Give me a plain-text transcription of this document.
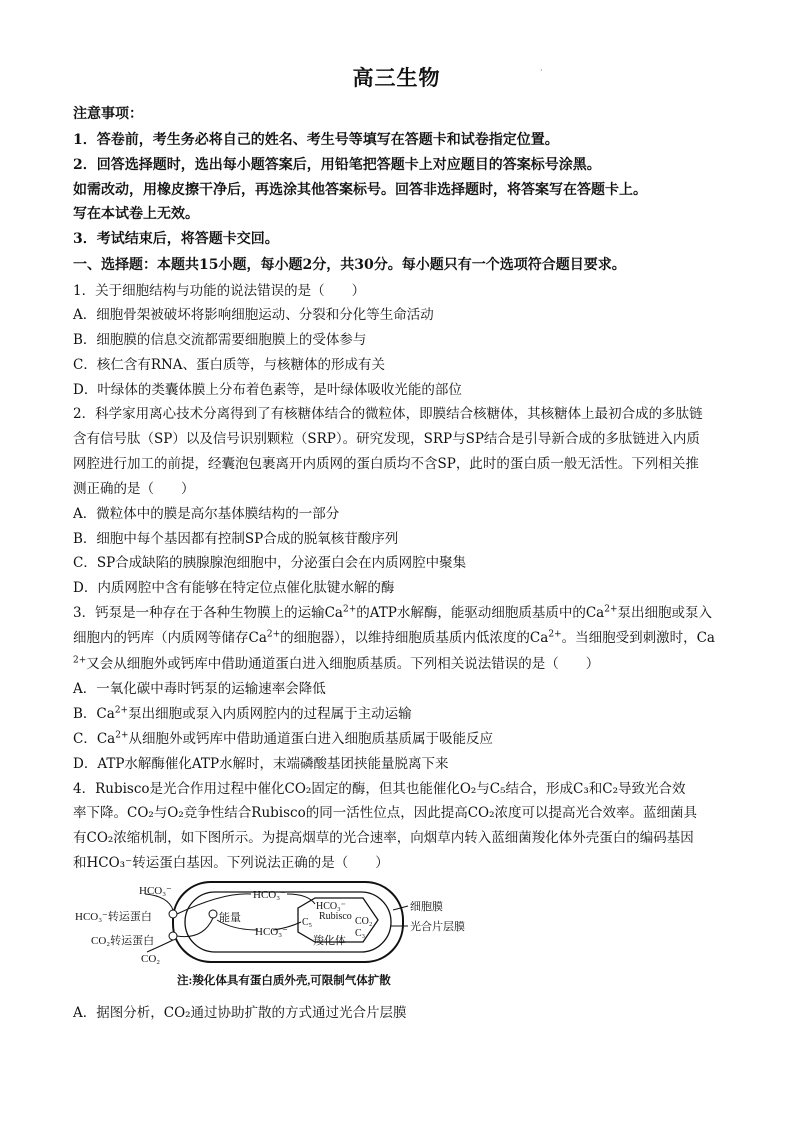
高三生物	·
注意事项：
1．答卷前，考生务必将自己的姓名、考生号等填写在答题卡和试卷指定位置。
2．回答选择题时，选出每小题答案后，用铅笔把答题卡上对应题目的答案标号涂黑。
如需改动，用橡皮擦干净后，再选涂其他答案标号。回答非选择题时，将答案写在答题卡上。
写在本试卷上无效。
3．考试结束后，将答题卡交回。
一、选择题：本题共15小题，每小题2分，共30分。每小题只有一个选项符合题目要求。
1．关于细胞结构与功能的说法错误的是（　　）
A．细胞骨架被破坏将影响细胞运动、分裂和分化等生命活动
B．细胞膜的信息交流都需要细胞膜上的受体参与
C．核仁含有RNA、蛋白质等，与核糖体的形成有关
D．叶绿体的类囊体膜上分布着色素等，是叶绿体吸收光能的部位
2．科学家用离心技术分离得到了有核糖体结合的微粒体，即膜结合核糖体，其核糖体上最初合成的多肽链
含有信号肽（SP）以及信号识别颗粒（SRP）。研究发现，SRP与SP结合是引导新合成的多肽链进入内质
网腔进行加工的前提，经囊泡包裹离开内质网的蛋白质均不含SP，此时的蛋白质一般无活性。下列相关推
测正确的是（　　）
A．微粒体中的膜是高尔基体膜结构的一部分
B．细胞中每个基因都有控制SP合成的脱氧核苷酸序列
C．SP合成缺陷的胰腺腺泡细胞中，分泌蛋白会在内质网腔中聚集
D．内质网腔中含有能够在特定位点催化肽键水解的酶
3．钙泵是一种存在于各种生物膜上的运输$Ca^{2+}$的ATP水解酶，能驱动细胞质基质中的$Ca^{2+}$泵出细胞或泵入
细胞内的钙库（内质网等储存$Ca^{2+}$的细胞器），以维持细胞质基质内低浓度的$Ca^{2+}$。当细胞受到刺激时，Ca
$^{2+}$又会从细胞外或钙库中借助通道蛋白进入细胞质基质。下列相关说法错误的是（　　）
A．一氧化碳中毒时钙泵的运输速率会降低
B．$Ca^{2+}$泵出细胞或泵入内质网腔内的过程属于主动运输
C．$Ca^{2+}$从细胞外或钙库中借助通道蛋白进入细胞质基质属于吸能反应
D．ATP水解酶催化ATP水解时，末端磷酸基团挟能量脱离下来
4．Rubisco是光合作用过程中催化CO₂固定的酶，但其也能催化O₂与C₅结合，形成C₃和C₂导致光合效
率下降。CO₂与O₂竞争性结合Rubisco的同一活性位点，因此提高CO₂浓度可以提高光合效率。蓝细菌具
有CO₂浓缩机制，如下图所示。为提高烟草的光合速率，向烟草内转入蓝细菌羧化体外壳蛋白的编码基因
和HCO₃⁻转运蛋白基因。下列说法正确的是（　　）
HCO₃⁻
HCO₃⁻转运蛋白
CO₂转运蛋白
CO₂
HCO₃⁻
能量
HCO₃⁻
HCO₃⁻
Rubisco
C₅	CO₂
C₃
羧化体
细胞膜
光合片层膜
注:羧化体具有蛋白质外壳,可限制气体扩散
A．据图分析，CO₂通过协助扩散的方式通过光合片层膜
